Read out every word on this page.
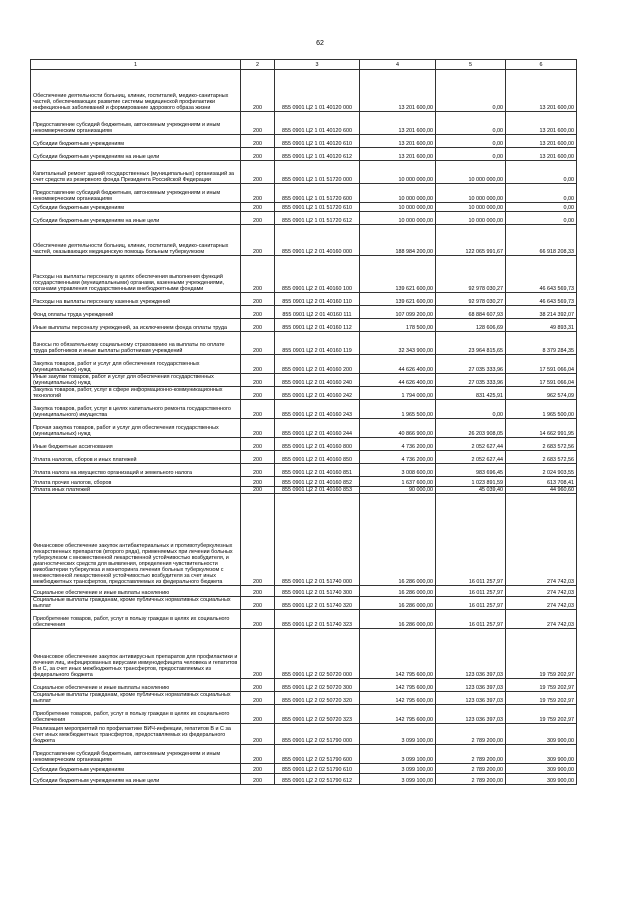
62
1	2	3	4	5	6
Обеспечение деятельности больниц, клиник, госпиталей, медико-санитарных частей, обеспечивающих развитие системы медицинской профилактики инфекционных заболеваний и формирование здорового образа жизни	200	855 0901 Ц2 1 01 40120 000	13 201 600,00	0,00	13 201 600,00
Предоставление субсидий бюджетным, автономным учреждениям и иным некоммерческим организациям	200	855 0901 Ц2 1 01 40120 600	13 201 600,00	0,00	13 201 600,00
Субсидии бюджетным учреждениям	200	855 0901 Ц2 1 01 40120 610	13 201 600,00	0,00	13 201 600,00
Субсидии бюджетным учреждениям на иные цели	200	855 0901 Ц2 1 01 40120 612	13 201 600,00	0,00	13 201 600,00
Капитальный ремонт зданий государственных (муниципальных) организаций за счет средств из резервного фонда Президента Российской Федерации	200	855 0901 Ц2 1 01 51720 000	10 000 000,00	10 000 000,00	0,00
Предоставление субсидий бюджетным, автономным учреждениям и иным некоммерческим организациям	200	855 0901 Ц2 1 01 51720 600	10 000 000,00	10 000 000,00	0,00
Субсидии бюджетным учреждениям	200	855 0901 Ц2 1 01 51720 610	10 000 000,00	10 000 000,00	0,00
Субсидии бюджетным учреждениям на иные цели	200	855 0901 Ц2 1 01 51720 612	10 000 000,00	10 000 000,00	0,00
Обеспечение деятельности больниц, клиник, госпиталей, медико-санитарных частей, оказывающих медицинскую помощь больным туберкулезом	200	855 0901 Ц2 2 01 40160 000	188 984 200,00	122 065 991,67	66 918 208,33
Расходы на выплаты персоналу в целях обеспечения выполнения функций государственными (муниципальными) органами, казенными учреждениями, органами управления государственными внебюджетными фондами	200	855 0901 Ц2 2 01 40160 100	139 621 600,00	92 978 030,27	46 643 569,73
Расходы на выплаты персоналу казенных учреждений	200	855 0901 Ц2 2 01 40160 110	139 621 600,00	92 978 030,27	46 643 569,73
Фонд оплаты труда учреждений	200	855 0901 Ц2 2 01 40160 111	107 099 200,00	68 884 607,93	38 214 392,07
Иные выплаты персоналу учреждений, за исключением фонда оплаты труда	200	855 0901 Ц2 2 01 40160 112	178 500,00	128 606,69	49 893,31
Взносы по обязательному социальному страхованию на выплаты по оплате труда работников и иные выплаты работникам учреждений	200	855 0901 Ц2 2 01 40160 119	32 343 900,00	23 964 815,65	8 379 284,35
Закупка товаров, работ и услуг для обеспечения государственных (муниципальных) нужд	200	855 0901 Ц2 2 01 40160 200	44 626 400,00	27 035 333,96	17 591 066,04
Иные закупки товаров, работ и услуг для обеспечения государственных (муниципальных) нужд	200	855 0901 Ц2 2 01 40160 240	44 626 400,00	27 035 333,96	17 591 066,04
Закупка товаров, работ, услуг в сфере информационно-коммуникационных технологий	200	855 0901 Ц2 2 01 40160 242	1 794 000,00	831 425,91	962 574,09
Закупка товаров, работ, услуг в целях капитального ремонта государственного (муниципального) имущества	200	855 0901 Ц2 2 01 40160 243	1 965 500,00	0,00	1 965 500,00
Прочая закупка товаров, работ и услуг для обеспечения государственных (муниципальных) нужд	200	855 0901 Ц2 2 01 40160 244	40 866 900,00	26 203 908,05	14 662 991,95
Иные бюджетные ассигнования	200	855 0901 Ц2 2 01 40160 800	4 736 200,00	2 052 627,44	2 683 572,56
Уплата налогов, сборов и иных платежей	200	855 0901 Ц2 2 01 40160 850	4 736 200,00	2 052 627,44	2 683 572,56
Уплата налога на имущество организаций и земельного налога	200	855 0901 Ц2 2 01 40160 851	3 008 600,00	983 696,45	2 024 903,55
Уплата прочих налогов, сборов	200	855 0901 Ц2 2 01 40160 852	1 637 600,00	1 023 891,59	613 708,41
Уплата иных платежей	200	855 0901 Ц2 2 01 40160 853	90 000,00	45 039,40	44 960,60
Финансовое обеспечение закупок антибактериальных и противотуберкулезных лекарственных препаратов (второго ряда), применяемых при лечении больных туберкулезом с множественной лекарственной устойчивостью возбудителя, и диагностических средств для выявления, определения чувствительности микобактерии туберкулеза и мониторинга лечения больных туберкулезом с множественной лекарственной устойчивостью возбудителя за счет иных межбюджетных трансфертов, предоставляемых из федерального бюджета	200	855 0901 Ц2 2 01 51740 000	16 286 000,00	16 011 257,97	274 742,03
Социальное обеспечение и иные выплаты населению	200	855 0901 Ц2 2 01 51740 300	16 286 000,00	16 011 257,97	274 742,03
Социальные выплаты гражданам, кроме публичных нормативных социальных выплат	200	855 0901 Ц2 2 01 51740 320	16 286 000,00	16 011 257,97	274 742,03
Приобретение товаров, работ, услуг в пользу граждан в целях их социального обеспечения	200	855 0901 Ц2 2 01 51740 323	16 286 000,00	16 011 257,97	274 742,03
Финансовое обеспечение закупок антивирусных препаратов для профилактики и лечения лиц, инфицированных вирусами иммунодефицита человека и гепатитов В и С, за счет иных межбюджетных трансфертов, предоставляемых из федерального бюджета	200	855 0901 Ц2 2 02 50720 000	142 795 600,00	123 036 397,03	19 759 202,97
Социальное обеспечение и иные выплаты населению	200	855 0901 Ц2 2 02 50720 300	142 795 600,00	123 036 397,03	19 759 202,97
Социальные выплаты гражданам, кроме публичных нормативных социальных выплат	200	855 0901 Ц2 2 02 50720 320	142 795 600,00	123 036 397,03	19 759 202,97
Приобретение товаров, работ, услуг в пользу граждан в целях их социального обеспечения	200	855 0901 Ц2 2 02 50720 323	142 795 600,00	123 036 397,03	19 759 202,97
Реализация мероприятий по профилактике ВИЧ-инфекции, гепатитов В и С за счет иных межбюджетных трансфертов, предоставляемых из федерального бюджета	200	855 0901 Ц2 2 02 51790 000	3 099 100,00	2 789 200,00	309 900,00
Предоставление субсидий бюджетным, автономным учреждениям и иным некоммерческим организациям	200	855 0901 Ц2 2 02 51790 600	3 099 100,00	2 789 200,00	309 900,00
Субсидии бюджетным учреждениям	200	855 0901 Ц2 2 02 51790 610	3 099 100,00	2 789 200,00	309 900,00
Субсидии бюджетным учреждениям на иные цели	200	855 0901 Ц2 2 02 51790 612	3 099 100,00	2 789 200,00	309 900,00
